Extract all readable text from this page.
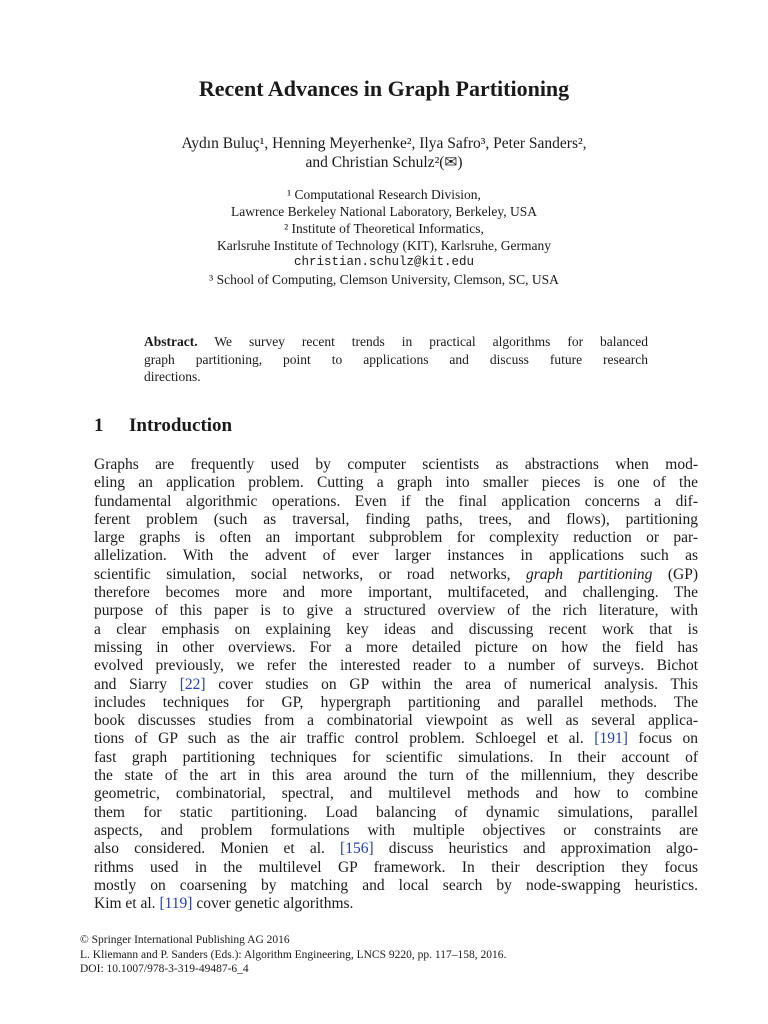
Recent Advances in Graph Partitioning
Aydın Buluç¹, Henning Meyerhenke², Ilya Safro³, Peter Sanders²,
and Christian Schulz²(✉)
¹ Computational Research Division,
Lawrence Berkeley National Laboratory, Berkeley, USA
² Institute of Theoretical Informatics,
Karlsruhe Institute of Technology (KIT), Karlsruhe, Germany
christian.schulz@kit.edu
³ School of Computing, Clemson University, Clemson, SC, USA
Abstract. We survey recent trends in practical algorithms for balanced
graph partitioning, point to applications and discuss future research
directions.
1 Introduction
Graphs are frequently used by computer scientists as abstractions when mod-
eling an application problem. Cutting a graph into smaller pieces is one of the
fundamental algorithmic operations. Even if the final application concerns a dif-
ferent problem (such as traversal, finding paths, trees, and flows), partitioning
large graphs is often an important subproblem for complexity reduction or par-
allelization. With the advent of ever larger instances in applications such as
scientific simulation, social networks, or road networks, graph partitioning (GP)
therefore becomes more and more important, multifaceted, and challenging. The
purpose of this paper is to give a structured overview of the rich literature, with
a clear emphasis on explaining key ideas and discussing recent work that is
missing in other overviews. For a more detailed picture on how the field has
evolved previously, we refer the interested reader to a number of surveys. Bichot
and Siarry [22] cover studies on GP within the area of numerical analysis. This
includes techniques for GP, hypergraph partitioning and parallel methods. The
book discusses studies from a combinatorial viewpoint as well as several applica-
tions of GP such as the air traffic control problem. Schloegel et al. [191] focus on
fast graph partitioning techniques for scientific simulations. In their account of
the state of the art in this area around the turn of the millennium, they describe
geometric, combinatorial, spectral, and multilevel methods and how to combine
them for static partitioning. Load balancing of dynamic simulations, parallel
aspects, and problem formulations with multiple objectives or constraints are
also considered. Monien et al. [156] discuss heuristics and approximation algo-
rithms used in the multilevel GP framework. In their description they focus
mostly on coarsening by matching and local search by node-swapping heuristics.
Kim et al. [119] cover genetic algorithms.
© Springer International Publishing AG 2016
L. Kliemann and P. Sanders (Eds.): Algorithm Engineering, LNCS 9220, pp. 117–158, 2016.
DOI: 10.1007/978-3-319-49487-6_4
